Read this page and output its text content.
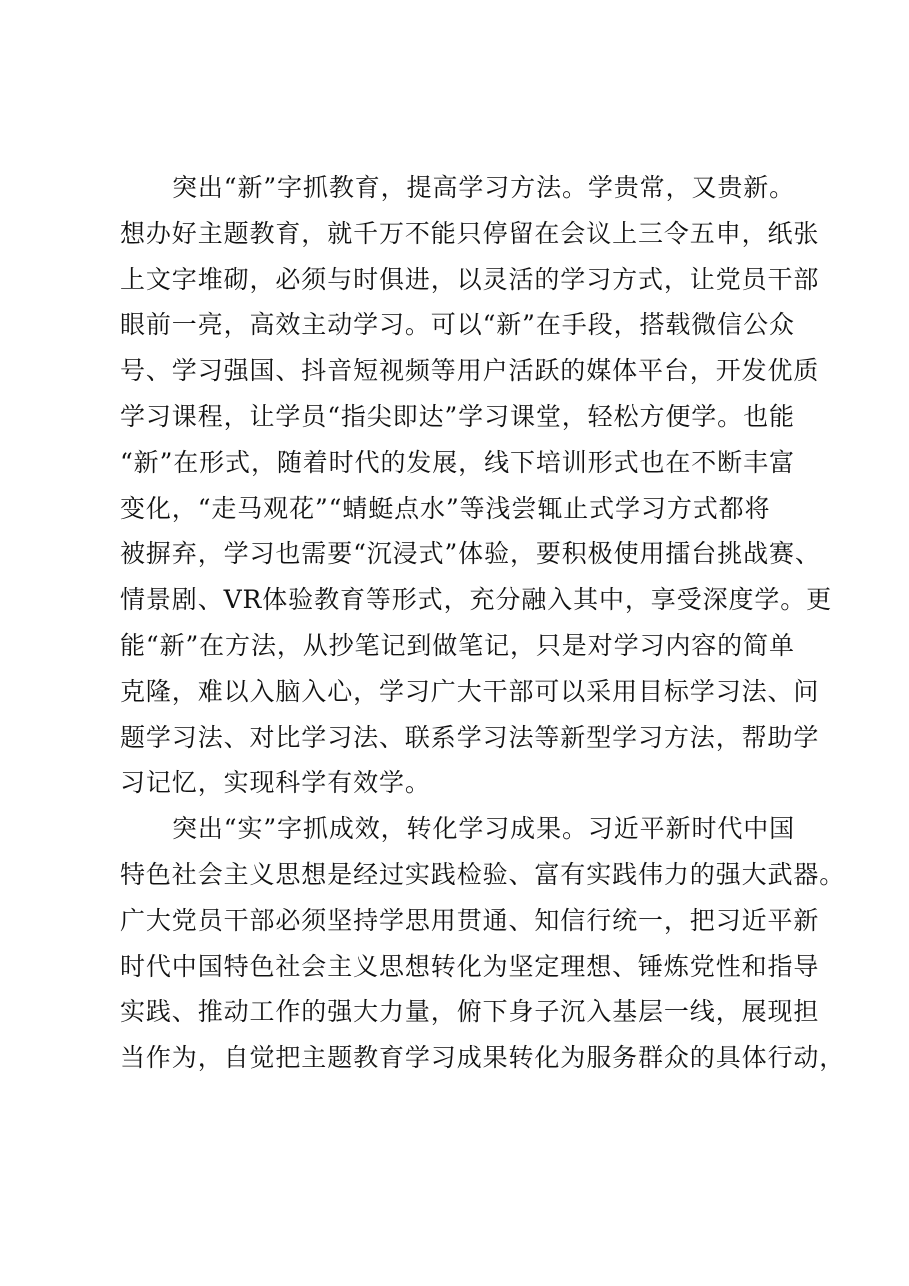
突出“新”字抓教育，提高学习方法。学贵常，又贵新。
想办好主题教育，就千万不能只停留在会议上三令五申，纸张
上文字堆砌，必须与时俱进，以灵活的学习方式，让党员干部
眼前一亮，高效主动学习。可以“新”在手段，搭载微信公众
号、学习强国、抖音短视频等用户活跃的媒体平台，开发优质
学习课程，让学员“指尖即达”学习课堂，轻松方便学。也能
“新”在形式，随着时代的发展，线下培训形式也在不断丰富
变化，“走马观花”“蜻蜓点水”等浅尝辄止式学习方式都将
被摒弃，学习也需要“沉浸式”体验，要积极使用擂台挑战赛、
情景剧、VR体验教育等形式，充分融入其中，享受深度学。更
能“新”在方法，从抄笔记到做笔记，只是对学习内容的简单
克隆，难以入脑入心，学习广大干部可以采用目标学习法、问
题学习法、对比学习法、联系学习法等新型学习方法，帮助学
习记忆，实现科学有效学。
突出“实”字抓成效，转化学习成果。习近平新时代中国
特色社会主义思想是经过实践检验、富有实践伟力的强大武器。
广大党员干部必须坚持学思用贯通、知信行统一，把习近平新
时代中国特色社会主义思想转化为坚定理想、锤炼党性和指导
实践、推动工作的强大力量，俯下身子沉入基层一线，展现担
当作为，自觉把主题教育学习成果转化为服务群众的具体行动，
